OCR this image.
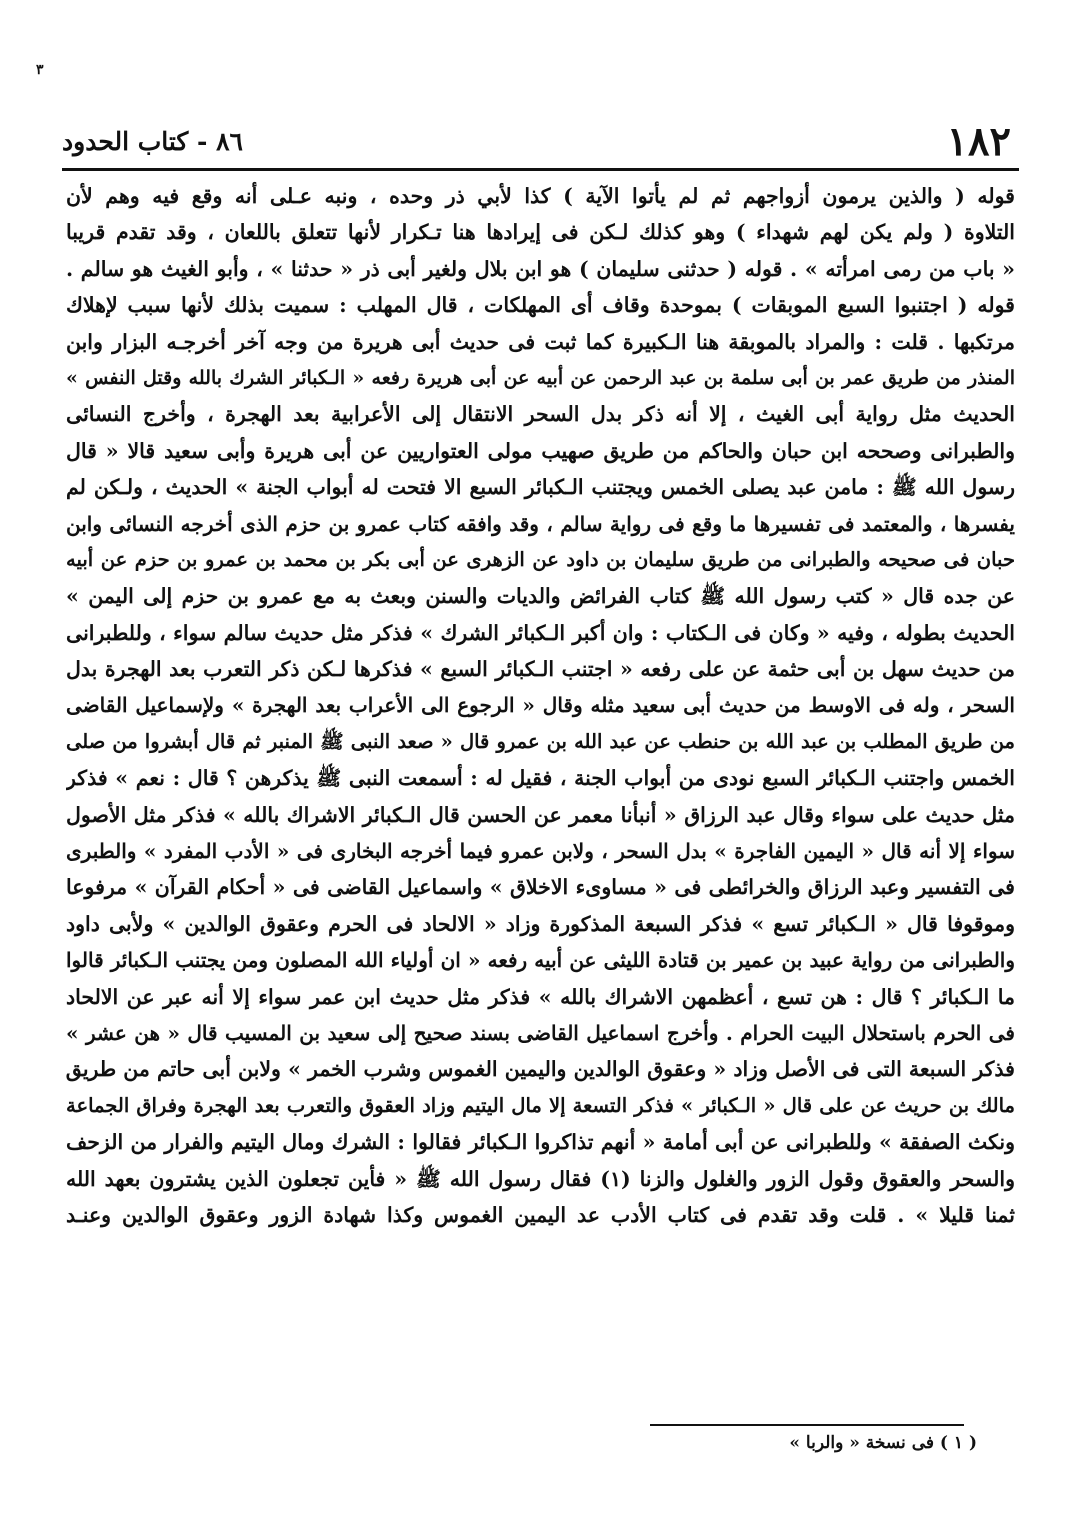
٣
١٨٢
٨٦ - كتاب الحدود
قوله ( والذين يرمون أزواجهم ثم لم يأتوا الآية ) كذا لأبي ذر وحده ، ونبه عـلى أنه وقع فيه وهم لأن
التلاوة ( ولم يكن لهم شهداء ) وهو كذلك لـكن فى إيرادها هنا تـكرار لأنها تتعلق باللعان ، وقد تقدم قريبا
« باب من رمى امرأته » . قوله ( حدثنى سليمان ) هو ابن بلال ولغير أبى ذر « حدثنا » ، وأبو الغيث هو سالم .
قوله ( اجتنبوا السبع الموبقات ) بموحدة وقاف أى المهلكات ، قال المهلب : سميت بذلك لأنها سبب لإهلاك
مرتكبها . قلت : والمراد بالموبقة هنا الـكبيرة كما ثبت فى حديث أبى هريرة من وجه آخر أخرجـه البزار وابن
المنذر من طريق عمر بن أبى سلمة بن عبد الرحمن عن أبيه عن أبى هريرة رفعه « الـكبائر الشرك بالله وقتل النفس »
الحديث مثل رواية أبى الغيث ، إلا أنه ذكر بدل السحر الانتقال إلى الأعرابية بعد الهجرة ، وأخرج النسائى
والطبرانى وصححه ابن حبان والحاكم من طريق صهيب مولى العتواريين عن أبى هريرة وأبى سعيد قالا « قال
رسول الله ﷺ : مامن عبد يصلى الخمس ويجتنب الـكبائر السبع الا فتحت له أبواب الجنة » الحديث ، ولـكن لم
يفسرها ، والمعتمد فى تفسيرها ما وقع فى رواية سالم ، وقد وافقه كتاب عمرو بن حزم الذى أخرجه النسائى وابن
حبان فى صحيحه والطبرانى من طريق سليمان بن داود عن الزهرى عن أبى بكر بن محمد بن عمرو بن حزم عن أبيه
عن جده قال « كتب رسول الله ﷺ كتاب الفرائض والديات والسنن وبعث به مع عمرو بن حزم إلى اليمن »
الحديث بطوله ، وفيه « وكان فى الـكتاب : وان أكبر الـكبائر الشرك » فذكر مثل حديث سالم سواء ، وللطبرانى
من حديث سهل بن أبى حثمة عن على رفعه « اجتنب الـكبائر السبع » فذكرها لـكن ذكر التعرب بعد الهجرة بدل
السحر ، وله فى الاوسط من حديث أبى سعيد مثله وقال « الرجوع الى الأعراب بعد الهجرة » ولإسماعيل القاضى
من طريق المطلب بن عبد الله بن حنطب عن عبد الله بن عمرو قال « صعد النبى ﷺ المنبر ثم قال أبشروا من صلى
الخمس واجتنب الـكبائر السبع نودى من أبواب الجنة ، فقيل له : أسمعت النبى ﷺ يذكرهن ؟ قال : نعم » فذكر
مثل حديث على سواء وقال عبد الرزاق « أنبأنا معمر عن الحسن قال الـكبائر الاشراك بالله » فذكر مثل الأصول
سواء إلا أنه قال « اليمين الفاجرة » بدل السحر ، ولابن عمرو فيما أخرجه البخارى فى « الأدب المفرد » والطبرى
فى التفسير وعبد الرزاق والخرائطى فى « مساوىء الاخلاق » واسماعيل القاضى فى « أحكام القرآن » مرفوعا
وموقوفا قال « الـكبائر تسع » فذكر السبعة المذكورة وزاد « الالحاد فى الحرم وعقوق الوالدين » ولأبى داود
والطبرانى من رواية عبيد بن عمير بن قتادة الليثى عن أبيه رفعه « ان أولياء الله المصلون ومن يجتنب الـكبائر قالوا
ما الـكبائر ؟ قال : هن تسع ، أعظمهن الاشراك بالله » فذكر مثل حديث ابن عمر سواء إلا أنه عبر عن الالحاد
فى الحرم باستحلال البيت الحرام . وأخرج اسماعيل القاضى بسند صحيح إلى سعيد بن المسيب قال « هن عشر »
فذكر السبعة التى فى الأصل وزاد « وعقوق الوالدين واليمين الغموس وشرب الخمر » ولابن أبى حاتم من طريق
مالك بن حريث عن على قال « الـكبائر » فذكر التسعة إلا مال اليتيم وزاد العقوق والتعرب بعد الهجرة وفراق الجماعة
ونكث الصفقة » وللطبرانى عن أبى أمامة « أنهم تذاكروا الـكبائر فقالوا : الشرك ومال اليتيم والفرار من الزحف
والسحر والعقوق وقول الزور والغلول والزنا (١) فقال رسول الله ﷺ « فأين تجعلون الذين يشترون بعهد الله
ثمنا قليلا » . قلت وقد تقدم فى كتاب الأدب عد اليمين الغموس وكذا شهادة الزور وعقوق الوالدين وعنـد
( ١ ) فى نسخة « والربا »
